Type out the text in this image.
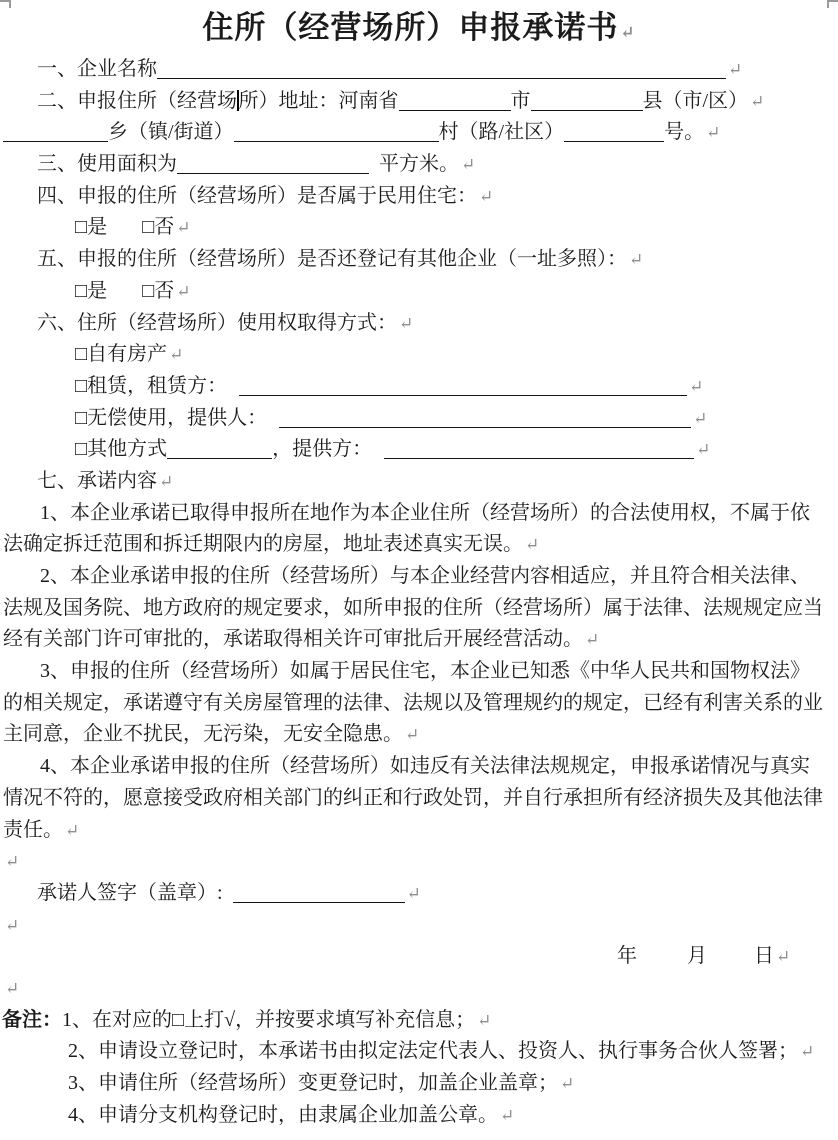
住所（经营场所）申报承诺书 ↵
一、企业名称	↵
二、申报住所（经营场所）地址：河南省	市	县（市/区） ↵
乡（镇/街道）	村（路/社区）	号。 ↵
三、使用面积为	平方米。 ↵
四、申报的住所（经营场所）是否属于民用住宅： ↵
□是 □否 ↵
五、申报的住所（经营场所）是否还登记有其他企业（一址多照）： ↵
□是 □否 ↵
六、住所（经营场所）使用权取得方式： ↵
□自有房产 ↵
□租赁，租赁方：	↵
□无偿使用，提供人：	↵
□其他方式	，提供方：	↵
七、承诺内容 ↵
1、本企业承诺已取得申报所在地作为本企业住所（经营场所）的合法使用权，不属于依
法确定拆迁范围和拆迁期限内的房屋，地址表述真实无误。 ↵
2、本企业承诺申报的住所（经营场所）与本企业经营内容相适应，并且符合相关法律、
法规及国务院、地方政府的规定要求，如所申报的住所（经营场所）属于法律、法规规定应当
经有关部门许可审批的，承诺取得相关许可审批后开展经营活动。 ↵
3、申报的住所（经营场所）如属于居民住宅，本企业已知悉《中华人民共和国物权法》
的相关规定，承诺遵守有关房屋管理的法律、法规以及管理规约的规定，已经有利害关系的业
主同意，企业不扰民，无污染，无安全隐患。 ↵
4、本企业承诺申报的住所（经营场所）如违反有关法律法规规定，申报承诺情况与真实
情况不符的，愿意接受政府相关部门的纠正和行政处罚，并自行承担所有经济损失及其他法律
责任。 ↵
↵
承诺人签字（盖章）:	↵
↵
年	月 日 ↵
↵
备注：1、在对应的□上打√，并按要求填写补充信息； ↵
2、申请设立登记时，本承诺书由拟定法定代表人、投资人、执行事务合伙人签署； ↵
3、申请住所（经营场所）变更登记时，加盖企业盖章； ↵
4、申请分支机构登记时，由隶属企业加盖公章。 ↵
